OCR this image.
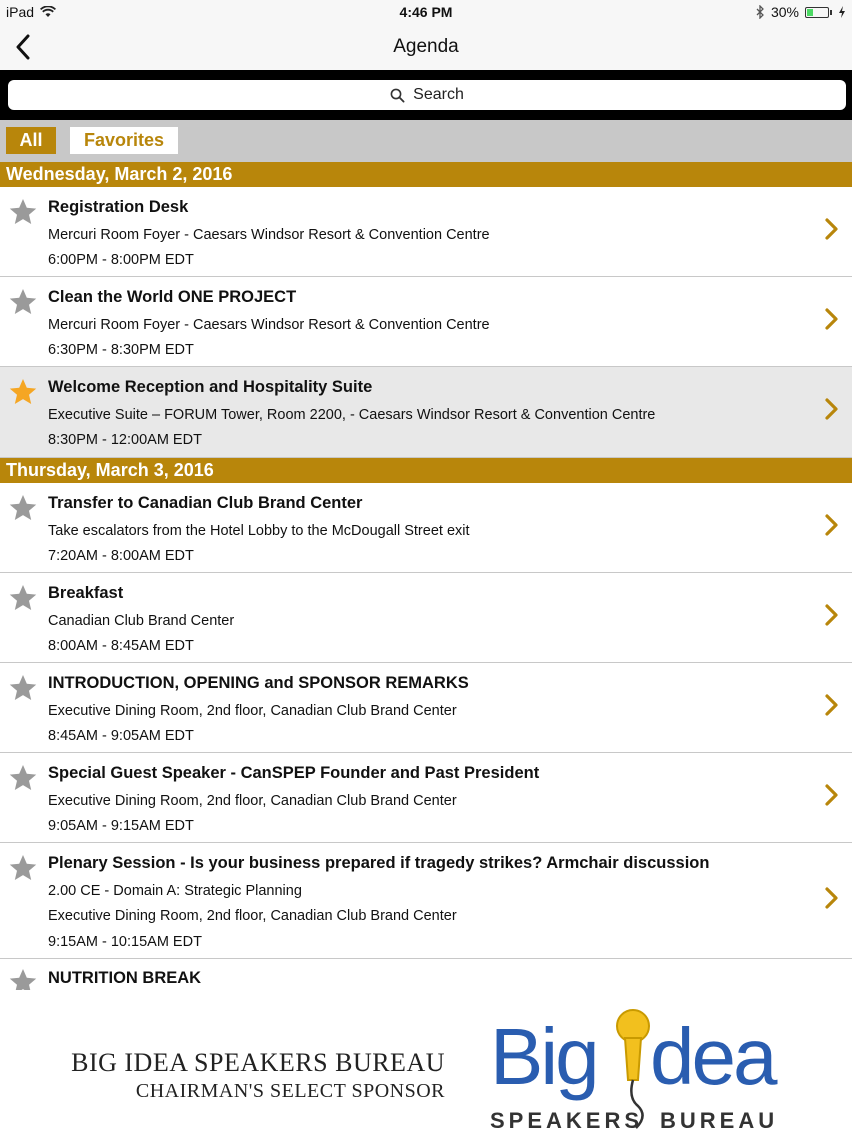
iPad	4:46 PM	30%
Agenda
Search
All	Favorites
Wednesday, March 2, 2016
Registration Desk
Mercuri Room Foyer - Caesars Windsor Resort & Convention Centre
6:00PM - 8:00PM EDT
Clean the World ONE PROJECT
Mercuri Room Foyer - Caesars Windsor Resort & Convention Centre
6:30PM - 8:30PM EDT
Welcome Reception and Hospitality Suite
Executive Suite – FORUM Tower, Room 2200, - Caesars Windsor Resort & Convention Centre
8:30PM - 12:00AM EDT
Thursday, March 3, 2016
Transfer to Canadian Club Brand Center
Take escalators from the Hotel Lobby to the McDougall Street exit
7:20AM - 8:00AM EDT
Breakfast
Canadian Club Brand Center
8:00AM - 8:45AM EDT
INTRODUCTION, OPENING and SPONSOR REMARKS
Executive Dining Room, 2nd floor, Canadian Club Brand Center
8:45AM - 9:05AM EDT
Special Guest Speaker - CanSPEP Founder and Past President
Executive Dining Room, 2nd floor, Canadian Club Brand Center
9:05AM - 9:15AM EDT
Plenary Session - Is your business prepared if tragedy strikes? Armchair discussion
2.00 CE - Domain A: Strategic Planning
Executive Dining Room, 2nd floor, Canadian Club Brand Center
9:15AM - 10:15AM EDT
NUTRITION BREAK
BIG IDEA SPEAKERS BUREAU
CHAIRMAN'S SELECT SPONSOR Big dea
SPEAKERS BUREAU
